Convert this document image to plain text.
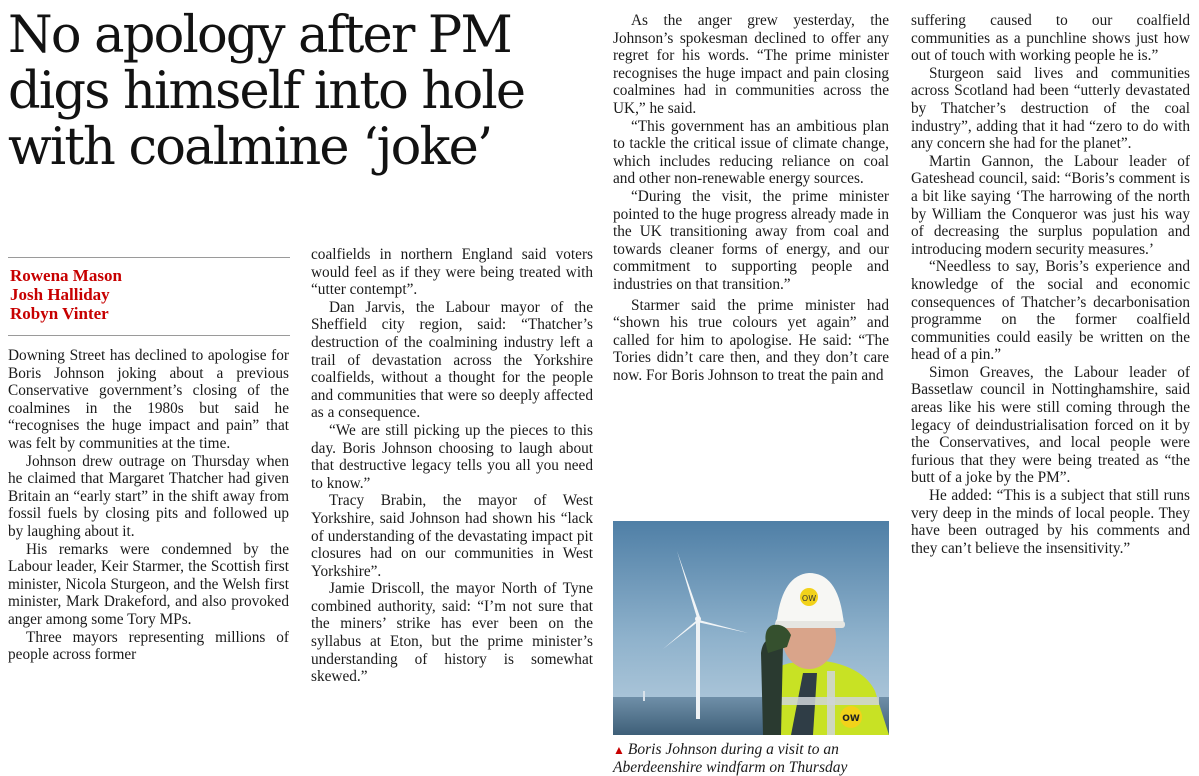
No apology after PM
digs himself into hole
with coalmine ‘joke’
Rowena Mason
Josh Halliday
Robyn Vinter

Downing Street has declined to apologise for Boris Johnson joking about a previous Conservative government’s closing of the coalmines in the 1980s but said he “recognises the huge impact and pain” that was felt by communities at the time.

Johnson drew outrage on Thursday when he claimed that Margaret Thatcher had given Britain an “early start” in the shift away from fossil fuels by closing pits and followed up by laughing about it.

His remarks were condemned by the Labour leader, Keir Starmer, the Scottish first minister, Nicola Sturgeon, and the Welsh first minister, Mark Drakeford, and also provoked anger among some Tory MPs.

Three mayors representing millions of people across former

coalfields in northern England said voters would feel as if they were being treated with “utter contempt”.

Dan Jarvis, the Labour mayor of the Sheffield city region, said: “Thatcher’s destruction of the coalmining industry left a trail of devastation across the Yorkshire coalfields, without a thought for the people and communities that were so deeply affected as a consequence.

“We are still picking up the pieces to this day. Boris Johnson choosing to laugh about that destructive legacy tells you all you need to know.”

Tracy Brabin, the mayor of West Yorkshire, said Johnson had shown his “lack of understanding of the devastating impact pit closures had on our communities in West Yorkshire”.

Jamie Driscoll, the mayor North of Tyne combined authority, said: “I’m not sure that the miners’ strike has ever been on the syllabus at Eton, but the prime minister’s understanding of history is somewhat skewed.”

As the anger grew yesterday, the Johnson’s spokesman declined to offer any regret for his words. “The prime minister recognises the huge impact and pain closing coalmines had in communities across the UK,” he said.

“This government has an ambitious plan to tackle the critical issue of climate change, which includes reducing reliance on coal and other non-renewable energy sources.

“During the visit, the prime minister pointed to the huge progress already made in the UK transitioning away from coal and towards cleaner forms of energy, and our commitment to supporting people and industries on that transition.”

Starmer said the prime minister had “shown his true colours yet again” and called for him to apologise. He said: “The Tories didn’t care then, and they don’t care now. For Boris Johnson to treat the pain and

OW
OW
▲ Boris Johnson during a visit to an
Aberdeenshire windfarm on Thursday

suffering caused to our coalfield communities as a punchline shows just how out of touch with working people he is.”

Sturgeon said lives and communities across Scotland had been “utterly devastated by Thatcher’s destruction of the coal industry”, adding that it had “zero to do with any concern she had for the planet”.

Martin Gannon, the Labour leader of Gateshead council, said: “Boris’s comment is a bit like saying ‘The harrowing of the north by William the Conqueror was just his way of decreasing the surplus population and introducing modern security measures.’

“Needless to say, Boris’s experience and knowledge of the social and economic consequences of Thatcher’s decarbonisation programme on the former coalfield communities could easily be written on the head of a pin.”

Simon Greaves, the Labour leader of Bassetlaw council in Nottinghamshire, said areas like his were still coming through the legacy of deindustrialisation forced on it by the Conservatives, and local people were furious that they were being treated as “the butt of a joke by the PM”.

He added: “This is a subject that still runs very deep in the minds of local people. They have been outraged by his comments and they can’t believe the insensitivity.”
